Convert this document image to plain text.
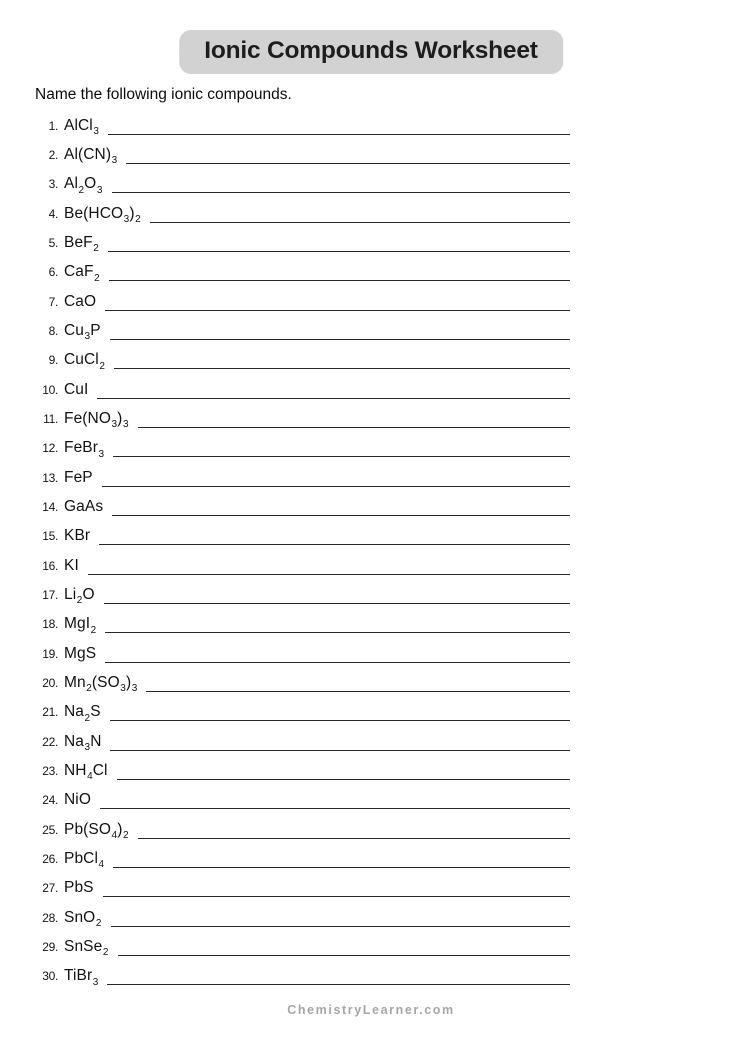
Ionic Compounds Worksheet

Name the following ionic compounds.

1. AlCl$_3$
2. $Al(CN)_3$
3. $Al_2O_3$
4. $Be(HCO_3)_2$
5. BeF$_2$
6. CaF$_2$
7. CaO
8. $Cu_3P$
9. CuCl$_2$
10. CuI
11. $Fe(NO_3)_3$
12. FeBr$_3$
13. FeP
14. GaAs
15. KBr
16. KI
17. $Li_2O$
18. MgI$_2$
19. MgS
20. $Mn_2(SO_3)_3$
21. $Na_2S$
22. $Na_3N$
23. $NH_4Cl$
24. NiO
25. $Pb(SO_4)_2$
26. PbCl$_4$
27. PbS
28. SnO$_2$
29. SnSe$_2$
30. TiBr$_3$
ChemistryLearner.com
